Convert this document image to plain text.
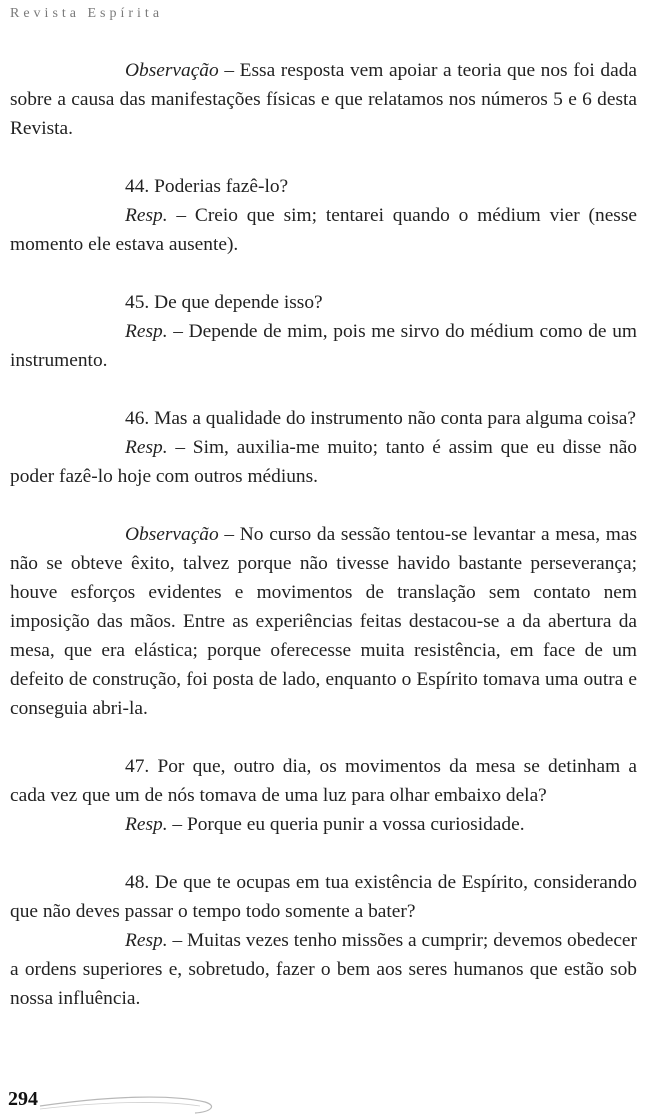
Revista Espírita

Observação – Essa resposta vem apoiar a teoria que nos foi dada sobre a causa das manifestações físicas e que relatamos nos números 5 e 6 desta Revista.

44. Poderias fazê-lo?

Resp. – Creio que sim; tentarei quando o médium vier (nesse momento ele estava ausente).

45. De que depende isso?

Resp. – Depende de mim, pois me sirvo do médium como de um instrumento.

46. Mas a qualidade do instrumento não conta para alguma coisa?

Resp. – Sim, auxilia-me muito; tanto é assim que eu disse não poder fazê-lo hoje com outros médiuns.

Observação – No curso da sessão tentou-se levantar a mesa, mas não se obteve êxito, talvez porque não tivesse havido bastante perseverança; houve esforços evidentes e movimentos de translação sem contato nem imposição das mãos. Entre as experiências feitas destacou-se a da abertura da mesa, que era elástica; porque oferecesse muita resistência, em face de um defeito de construção, foi posta de lado, enquanto o Espírito tomava uma outra e conseguia abri-la.

47. Por que, outro dia, os movimentos da mesa se detinham a cada vez que um de nós tomava de uma luz para olhar embaixo dela?

Resp. – Porque eu queria punir a vossa curiosidade.

48. De que te ocupas em tua existência de Espírito, considerando que não deves passar o tempo todo somente a bater?

Resp. – Muitas vezes tenho missões a cumprir; devemos obedecer a ordens superiores e, sobretudo, fazer o bem aos seres humanos que estão sob nossa influência.

294
